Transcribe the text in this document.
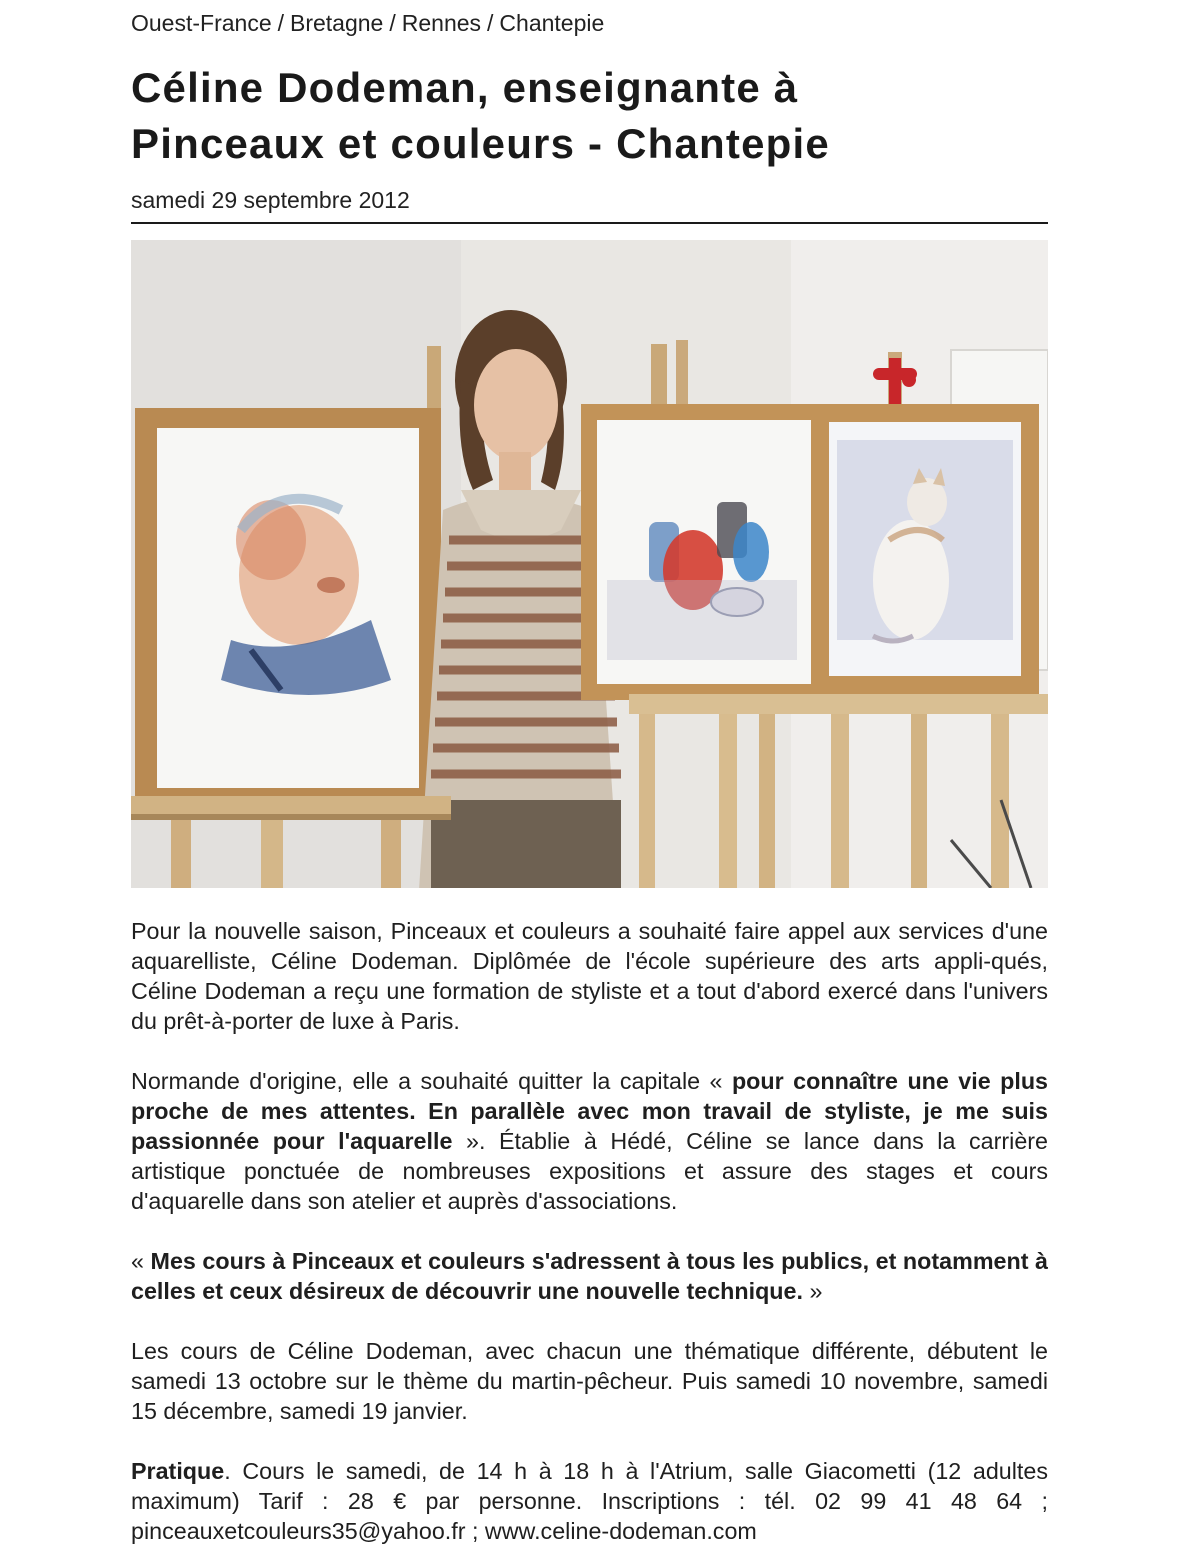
Ouest-France / Bretagne / Rennes / Chantepie
Céline Dodeman, enseignante à
Pinceaux et couleurs - Chantepie
samedi 29 septembre 2012

Pour la nouvelle saison, Pinceaux et couleurs a souhaité faire appel aux services d'une aquarelliste, Céline Dodeman. Diplômée de l'école supérieure des arts appli-qués, Céline Dodeman a reçu une formation de styliste et a tout d'abord exercé dans l'univers du prêt-à-porter de luxe à Paris.

Normande d'origine, elle a souhaité quitter la capitale « pour connaître une vie plus proche de mes attentes. En parallèle avec mon travail de styliste, je me suis passionnée pour l'aquarelle ». Établie à Hédé, Céline se lance dans la carrière artistique ponctuée de nombreuses expositions et assure des stages et cours d'aquarelle dans son atelier et auprès d'associations.

« Mes cours à Pinceaux et couleurs s'adressent à tous les publics, et notamment à celles et ceux désireux de découvrir une nouvelle technique. »

Les cours de Céline Dodeman, avec chacun une thématique différente, débutent le samedi 13 octobre sur le thème du martin-pêcheur. Puis samedi 10 novembre, samedi 15 décembre, samedi 19 janvier.

Pratique. Cours le samedi, de 14 h à 18 h à l'Atrium, salle Giacometti (12 adultes maximum) Tarif : 28 € par personne. Inscriptions : tél. 02 99 41 48 64 ; pinceauxetcouleurs35@yahoo.fr ; www.celine-dodeman.com
